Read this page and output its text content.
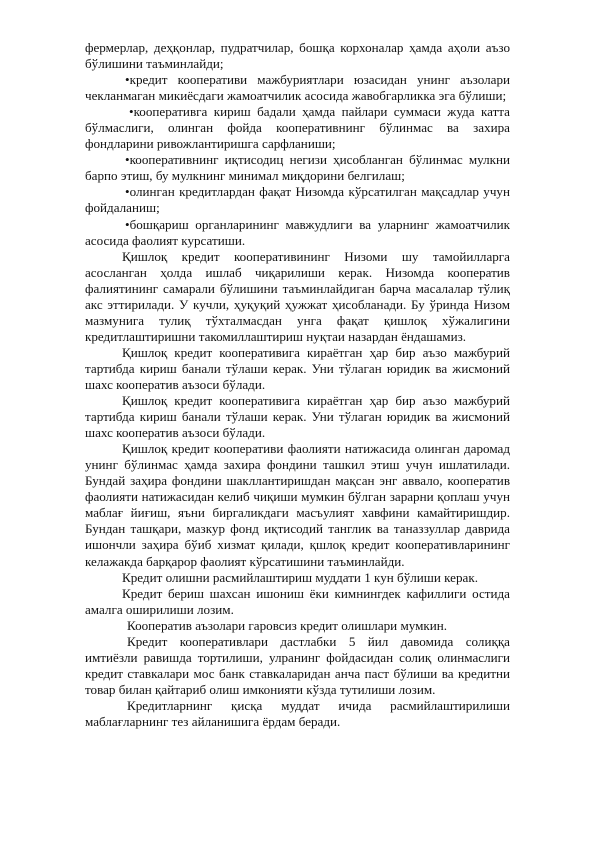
фермерлар, деҳқонлар, пудратчилар, бошқа корхоналар ҳамда аҳоли аъзо бўлишини таъминлайди;

•кредит кооперативи мажбуриятлари юзасидан унинг аъзолари чекланмаган микиёсдаги жамоатчилик асосида жавобгарликка эга бўлиши;

•кооперативга кириш бадали ҳамда пайлари суммаси жуда катта бўлмаслиги, олинган фойда кооперативнинг бўлинмас ва захира фондларини ривожлантиришга сарфланиши;

•кооперативнинг иқтисодиц негизи ҳисобланган бўлинмас мулкни барпо этиш, бу мулкнинг минимал миқдорини белгилаш;

•олинган кредитлардан фақат Низомда кўрсатилган мақсадлар учун фойдаланиш;

•бошқариш органларининг мавжудлиги ва уларнинг жамоатчилик асосида фаолият курсатиши.

Қишлоқ кредит кооперативининг Низоми шу тамойилларга асосланган ҳолда ишлаб чиқарилиши керак. Низомда кооператив фалиятининг самарали бўлишини таъминлайдиган барча масалалар тўлиқ акс эттирилади. У кучли, ҳуқуқий ҳужжат ҳисобланади. Бу ўринда Низом мазмунига тулиқ тўхталмасдан унга фақат қишлоқ хўжалигини кредитлаштиришни такомиллаштириш нуқтаи назардан ёндашамиз.

Қишлоқ кредит кооперативига кираётган ҳар бир аъзо мажбурий тартибда кириш банали тўлаши керак. Уни тўлаган юридик ва жисмоний шахс кооператив аъзоси бўлади.

Қишлоқ кредит кооперативига кираётган ҳар бир аъзо мажбурий тартибда кириш банали тўлаши керак. Уни тўлаган юридик ва жисмоний шахс кооператив аъзоси бўлади.

Қишлоқ кредит кооперативи фаолияти натижасида олинган даромад унинг бўлинмас ҳамда захира фондини ташкил этиш учун ишлатилади. Бундай заҳира фондини шакллантиришдан мақсан энг аввало, кооператив фаолияти натижасидан келиб чиқиши мумкин бўлган зарарни қоплаш учун маблағ йиғиш, яъни биргаликдаги масъулият хавфини камайтиришдир. Бундан ташқари, мазкур фонд иқтисодий танглик ва таназзуллар даврида ишончли заҳира бўиб хизмат қилади, қшлоқ кредит кооперативларининг келажакда барқарор фаолият кўрсатишини таъминлайди.

Кредит олишни расмийлаштириш муддати 1 кун бўлиши керак.

Кредит бериш шахсан ишониш ёки кимнингдек кафиллиги остида амалга оширилиши лозим.

Кооператив аъзолари гаровсиз кредит олишлари мумкин.

Кредит кооперативлари дастлабки 5 йил давомида солиққа имтиёзли равишда тортилиши, улранинг фойдасидан солиқ олинмаслиги кредит ставкалари мос банк ставкаларидан анча паст бўлиши ва кредитни товар билан қайтариб олиш имконияти кўзда тутилиши лозим.

Кредитларнинг қисқа муддат ичида расмийлаштирилиши маблағларнинг тез айланишига ёрдам беради.
